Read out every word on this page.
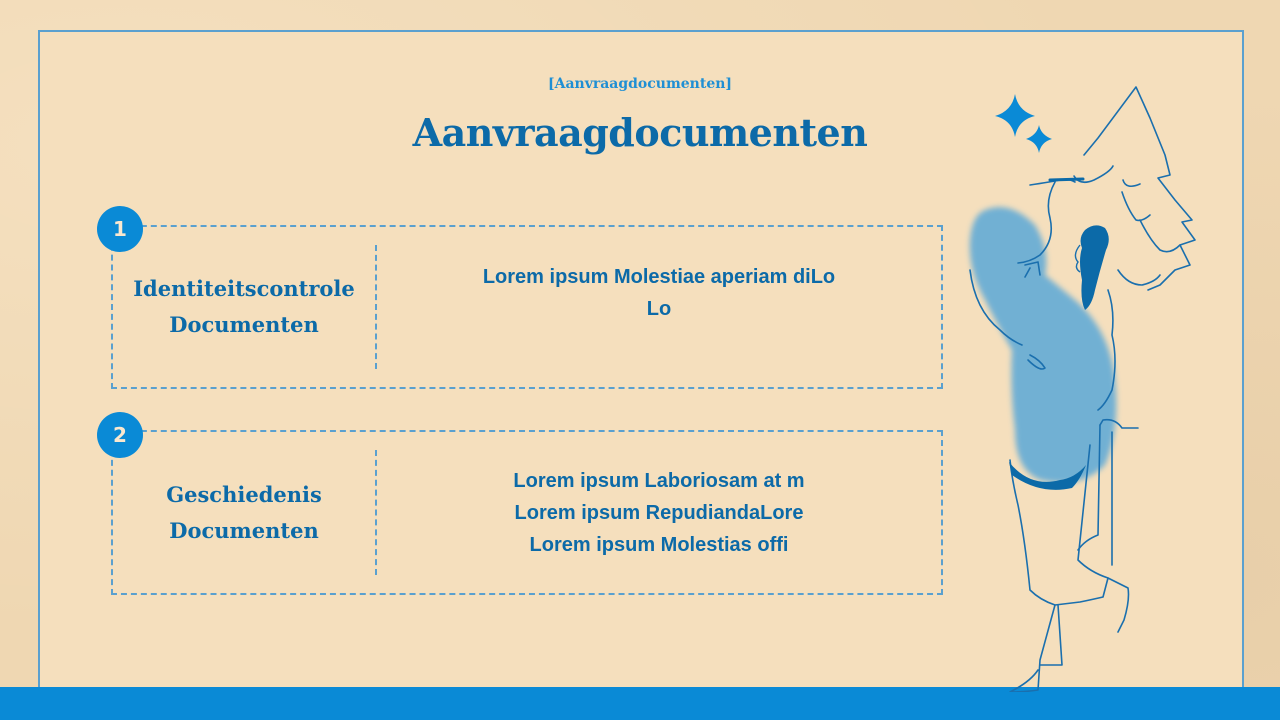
[Aanvraagdocumenten]
Aanvraagdocumenten
Identiteitscontrole
Documenten
Lorem ipsum Molestiae aperiam diLo
Lo
1
Geschiedenis
Documenten
Lorem ipsum Laboriosam at m
Lorem ipsum RepudiandaLore
Lorem ipsum Molestias offi
2
